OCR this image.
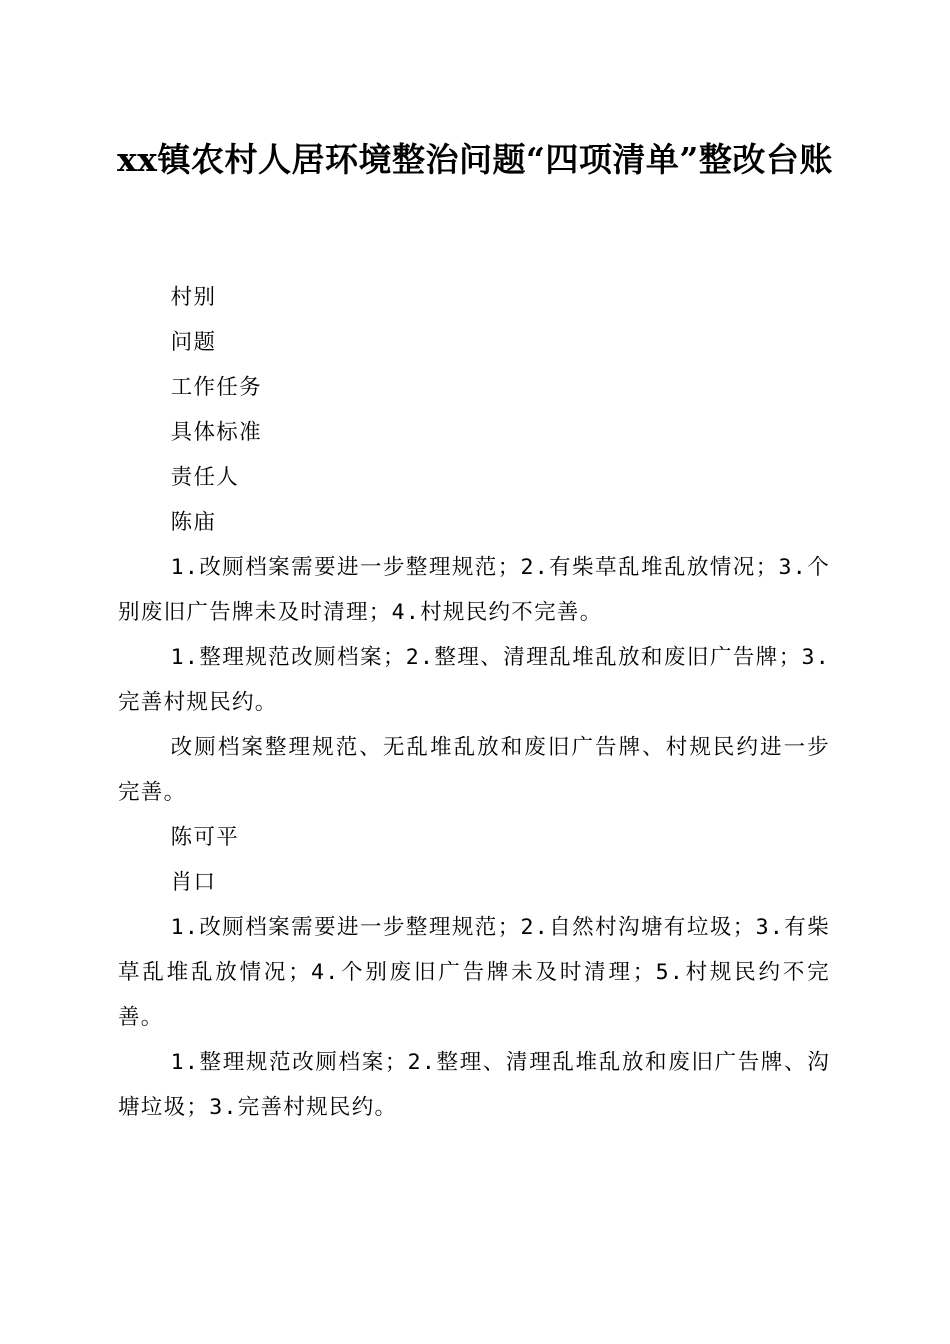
xx镇农村人居环境整治问题“四项清单”整改台账

村别

问题

工作任务

具体标准

责任人

陈庙

1.改厕档案需要进一步整理规范；2.有柴草乱堆乱放情况；3.个别废旧广告牌未及时清理；4.村规民约不完善。

1.整理规范改厕档案；2.整理、清理乱堆乱放和废旧广告牌；3.完善村规民约。

改厕档案整理规范、无乱堆乱放和废旧广告牌、村规民约进一步完善。

陈可平

肖口

1.改厕档案需要进一步整理规范；2.自然村沟塘有垃圾；3.有柴草乱堆乱放情况；4.个别废旧广告牌未及时清理；5.村规民约不完善。

1.整理规范改厕档案；2.整理、清理乱堆乱放和废旧广告牌、沟塘垃圾；3.完善村规民约。
